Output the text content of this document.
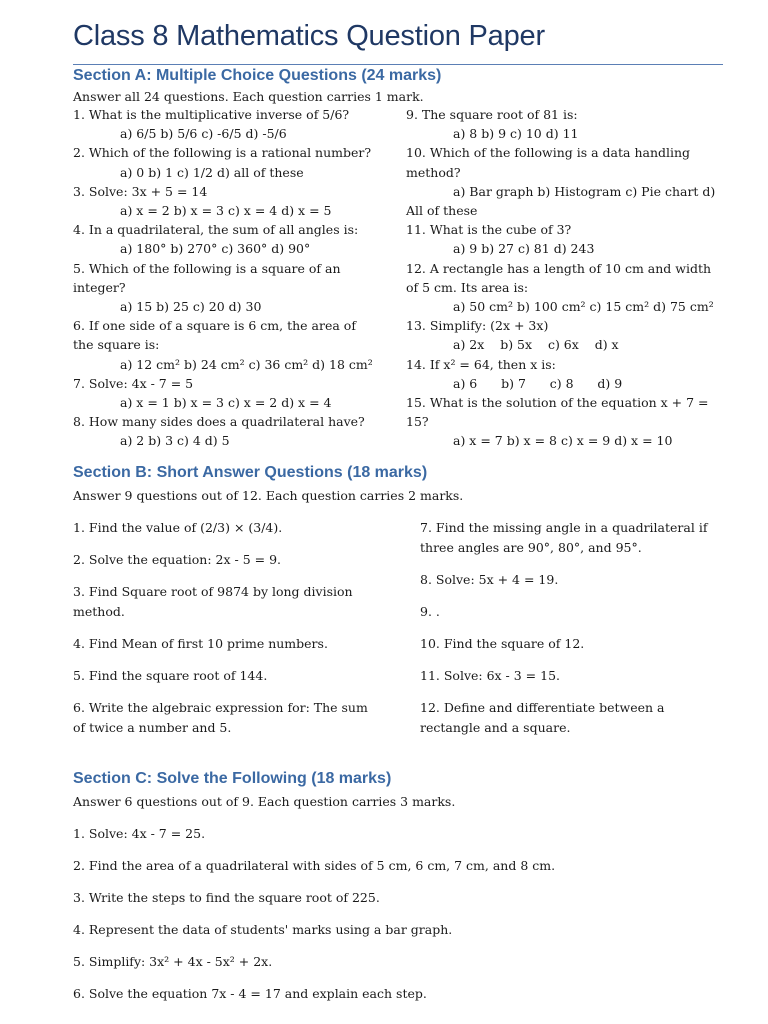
Class 8 Mathematics Question Paper
Section A: Multiple Choice Questions (24 marks)
Answer all 24 questions. Each question carries 1 mark.
1. What is the multiplicative inverse of 5/6?
a) 6/5 b) 5/6 c) -6/5 d) -5/6
2. Which of the following is a rational number?
a) 0 b) 1 c) 1/2 d) all of these
3. Solve: 3x + 5 = 14
a) x = 2 b) x = 3 c) x = 4 d) x = 5
4. In a quadrilateral, the sum of all angles is:
a) 180° b) 270° c) 360° d) 90°
5. Which of the following is a square of an integer?
a) 15 b) 25 c) 20 d) 30
6. If one side of a square is 6 cm, the area of the square is:
a) 12 cm² b) 24 cm² c) 36 cm² d) 18 cm²
7. Solve: 4x - 7 = 5
a) x = 1 b) x = 3 c) x = 2 d) x = 4
8. How many sides does a quadrilateral have?
a) 2 b) 3 c) 4 d) 5
9. The square root of 81 is:
a) 8 b) 9 c) 10 d) 11
10. Which of the following is a data handling method?
a) Bar graph b) Histogram c) Pie chart d) All of these
11. What is the cube of 3?
a) 9 b) 27 c) 81 d) 243
12. A rectangle has a length of 10 cm and width of 5 cm. Its area is:
a) 50 cm² b) 100 cm² c) 15 cm² d) 75 cm²
13. Simplify: (2x + 3x)
a) 2x    b) 5x    c) 6x    d) x
14. If x² = 64, then x is:
a) 6      b) 7      c) 8      d) 9
15. What is the solution of the equation x + 7 = 15?
a) x = 7 b) x = 8 c) x = 9 d) x = 10
Section B: Short Answer Questions (18 marks)
Answer 9 questions out of 12. Each question carries 2 marks.
1. Find the value of (2/3) × (3/4).
2. Solve the equation: 2x - 5 = 9.
3. Find Square root of 9874 by long division method.
4. Find Mean of first 10 prime numbers.
5. Find the square root of 144.
6. Write the algebraic expression for: The sum of twice a number and 5.
7. Find the missing angle in a quadrilateral if three angles are 90°, 80°, and 95°.
8. Solve: 5x + 4 = 19.
9. .
10. Find the square of 12.
11. Solve: 6x - 3 = 15.
12. Define and differentiate between a rectangle and a square.
Section C: Solve the Following (18 marks)
Answer 6 questions out of 9. Each question carries 3 marks.
1. Solve: 4x - 7 = 25.
2. Find the area of a quadrilateral with sides of 5 cm, 6 cm, 7 cm, and 8 cm.
3. Write the steps to find the square root of 225.
4. Represent the data of students' marks using a bar graph.
5. Simplify: 3x² + 4x - 5x² + 2x.
6. Solve the equation 7x - 4 = 17 and explain each step.
